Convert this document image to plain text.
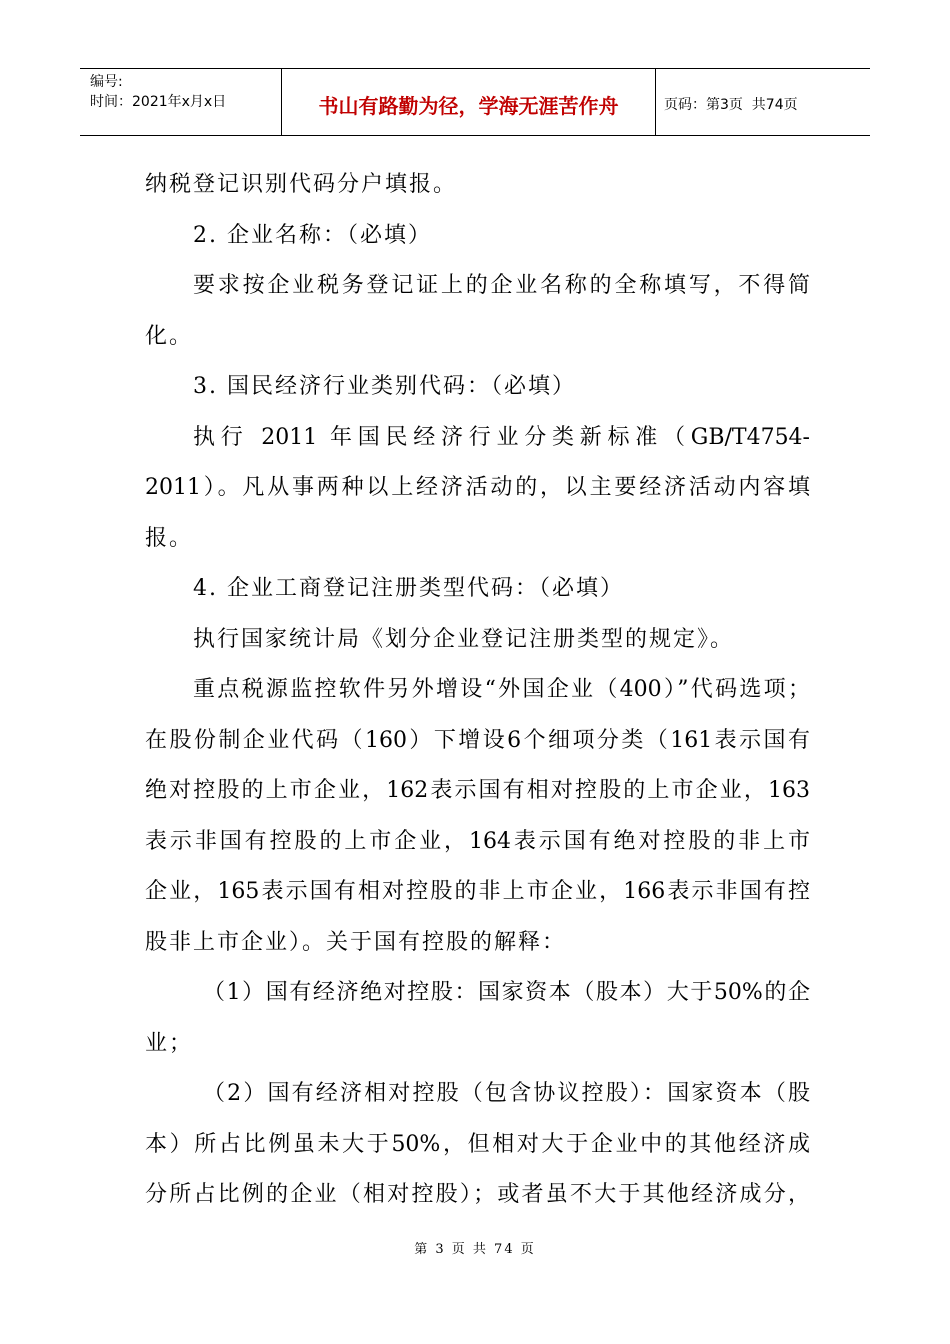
编号:
时间：2021年x月x日	书山有路勤为径，学海无涯苦作舟	页码：第3页  共74页
纳税登记识别代码分户填报。
2. 企业名称：（必填）
要求按企业税务登记证上的企业名称的全称填写，不得简
化。
3. 国民经济行业类别代码：（必填）
执行 2011 年国民经济行业分类新标准（GB/T4754-
2011）。凡从事两种以上经济活动的，以主要经济活动内容填
报。
4. 企业工商登记注册类型代码：（必填）
执行国家统计局《划分企业登记注册类型的规定》。
重点税源监控软件另外增设“外国企业（400）”代码选项；
在股份制企业代码（160）下增设6个细项分类（161表示国有
绝对控股的上市企业，162表示国有相对控股的上市企业，163
表示非国有控股的上市企业，164表示国有绝对控股的非上市
企业，165表示国有相对控股的非上市企业，166表示非国有控
股非上市企业）。关于国有控股的解释：
（1）国有经济绝对控股：国家资本（股本）大于50%的企
业；
（2）国有经济相对控股（包含协议控股）：国家资本（股
本）所占比例虽未大于50%，但相对大于企业中的其他经济成
分所占比例的企业（相对控股）；或者虽不大于其他经济成分，
第 3 页 共 74 页
